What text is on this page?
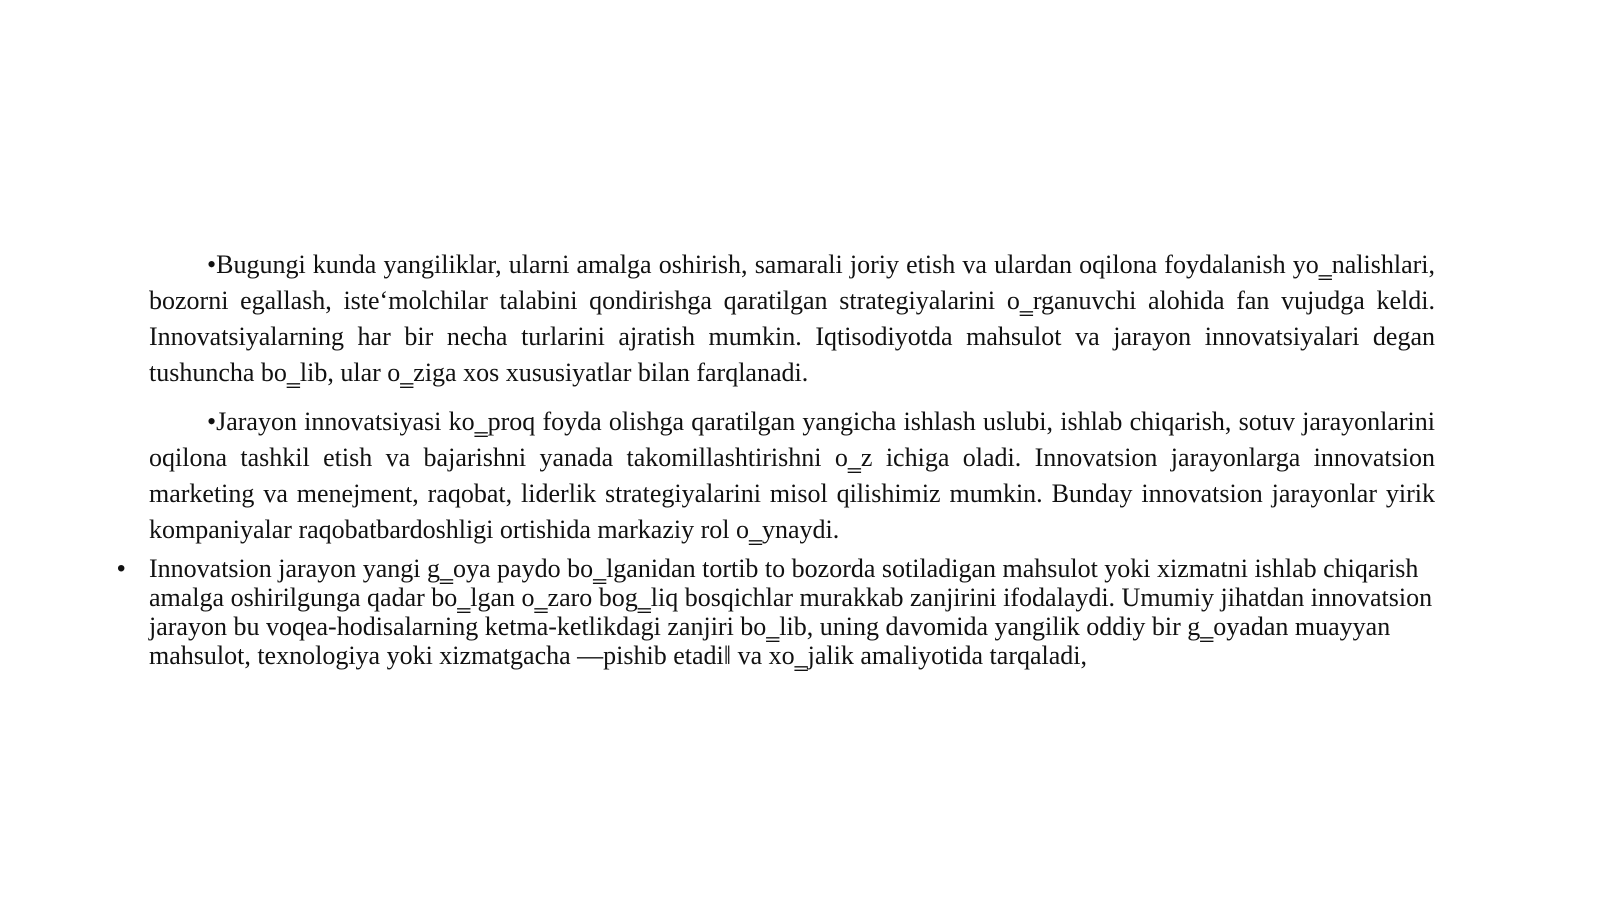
•Bugungi kunda yangiliklar, ularni amalga oshirish, samarali joriy etish va ulardan oqilona foydalanish yo‗nalishlari, bozorni egallash, iste‘molchilar talabini qondirishga qaratilgan strategiyalarini o‗rganuvchi alohida fan vujudga keldi. Innovatsiyalarning har bir necha turlarini ajratish mumkin. Iqtisodiyotda mahsulot va jarayon innovatsiyalari degan tushuncha bo‗lib, ular o‗ziga xos xususiyatlar bilan farqlanadi.

•Jarayon innovatsiyasi ko‗proq foyda olishga qaratilgan yangicha ishlash uslubi, ishlab chiqarish, sotuv jarayonlarini oqilona tashkil etish va bajarishni yanada takomillashtirishni o‗z ichiga oladi. Innovatsion jarayonlarga innovatsion marketing va menejment, raqobat, liderlik strategiyalarini misol qilishimiz mumkin. Bunday innovatsion jarayonlar yirik kompaniyalar raqobatbardoshligi ortishida markaziy rol o‗ynaydi.

• Innovatsion jarayon yangi g‗oya paydo bo‗lganidan tortib to bozorda sotiladigan mahsulot yoki xizmatni ishlab chiqarish amalga oshirilgunga qadar bo‗lgan o‗zaro bog‗liq bosqichlar murakkab zanjirini ifodalaydi. Umumiy jihatdan innovatsion jarayon bu voqea-hodisalarning ketma-ketlikdagi zanjiri bo‗lib, uning davomida yangilik oddiy bir g‗oyadan muayyan mahsulot, texnologiya yoki xizmatgacha ―pishib etadi‖ va xo‗jalik amaliyotida tarqaladi,
